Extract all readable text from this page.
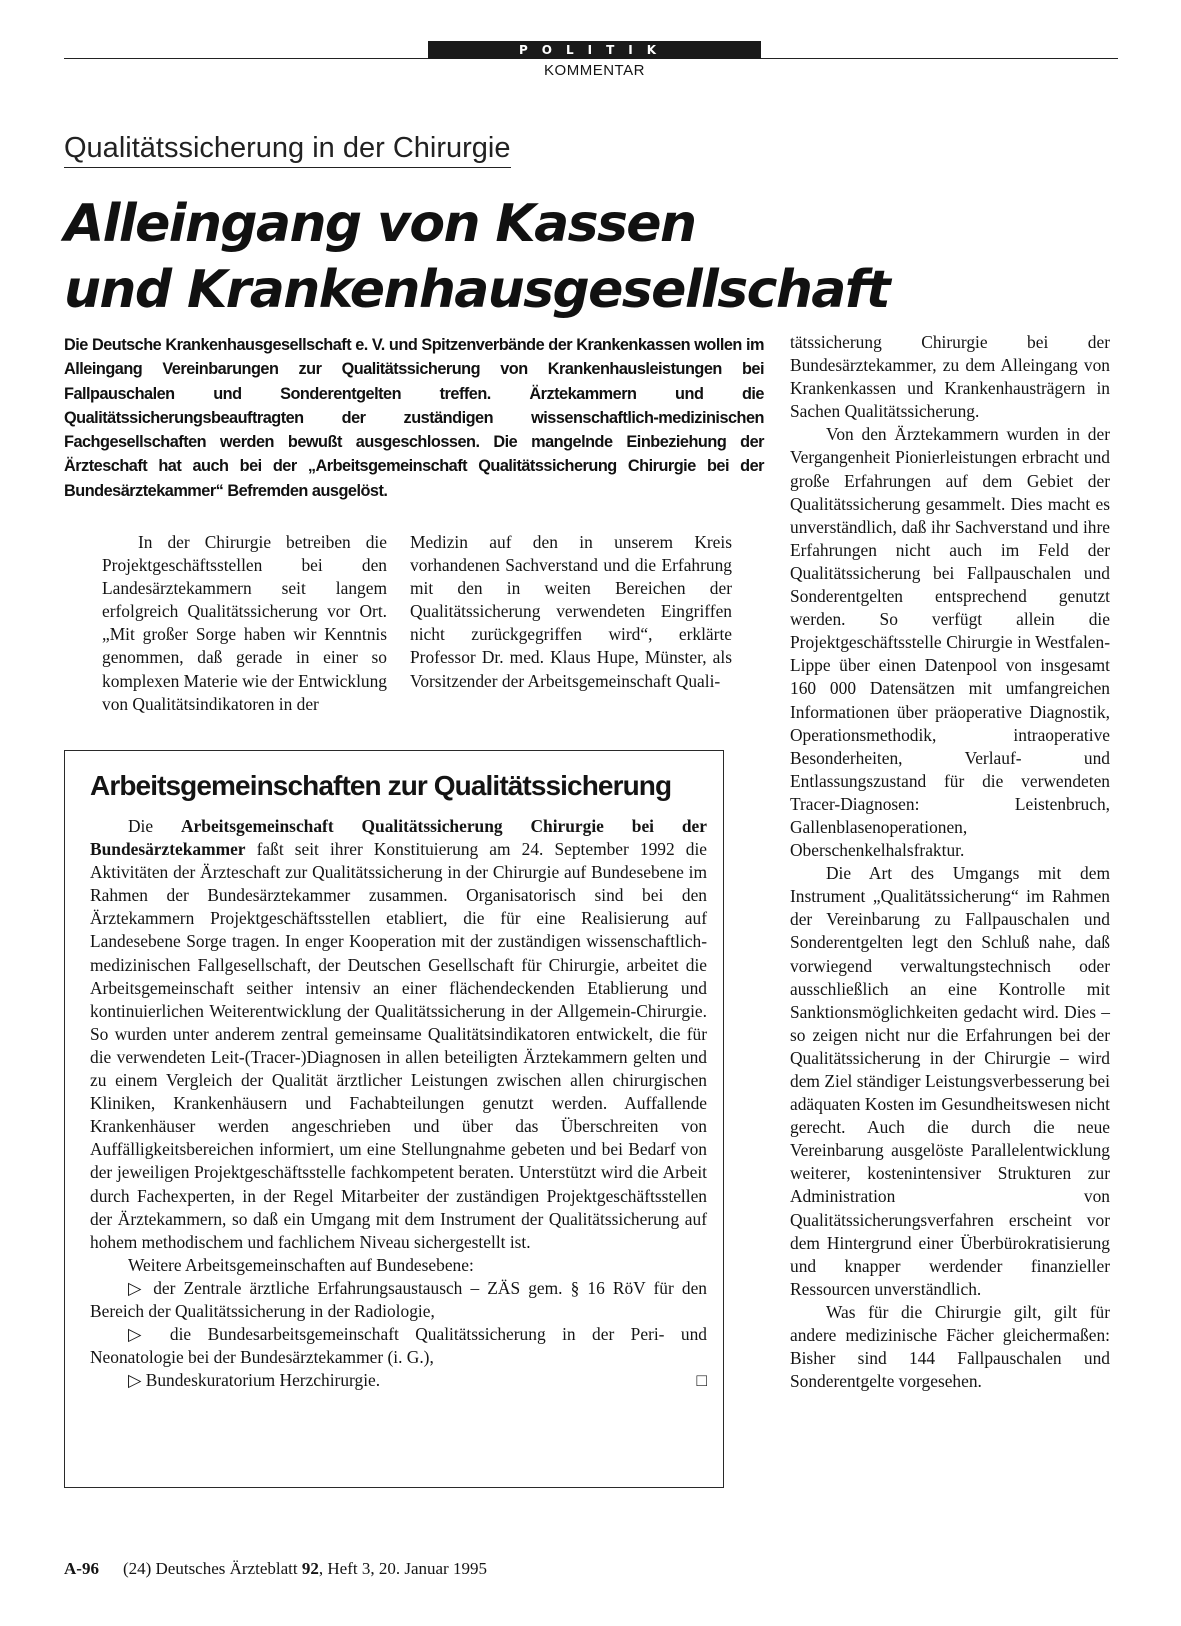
POLITIK
KOMMENTAR
Qualitätssicherung in der Chirurgie
Alleingang von Kassen
und Krankenhausgesellschaft

Die Deutsche Krankenhausgesellschaft e. V. und Spitzenverbände der Krankenkassen wollen im Alleingang Vereinbarungen zur Qualitätssicherung von Krankenhausleistungen bei Fallpauschalen und Sonderentgelten treffen. Ärztekammern und die Qualitätssicherungsbeauftragten der zuständigen wissenschaftlich-medizinischen Fachgesellschaften werden bewußt ausgeschlossen. Die mangelnde Einbeziehung der Ärzteschaft hat auch bei der „Arbeitsgemeinschaft Qualitätssicherung Chirurgie bei der Bundesärztekammer“ Befremden ausgelöst.

In der Chirurgie betreiben die Projektgeschäftsstellen bei den Landesärztekammern seit langem erfolgreich Qualitätssicherung vor Ort. „Mit großer Sorge haben wir Kenntnis genommen, daß gerade in einer so komplexen Materie wie der Entwicklung von Qualitätsindikatoren in der

Medizin auf den in unserem Kreis vorhandenen Sachverstand und die Erfahrung mit den in weiten Bereichen der Qualitätssicherung verwendeten Eingriffen nicht zurückgegriffen wird“, erklärte Professor Dr. med. Klaus Hupe, Münster, als Vorsitzender der Arbeitsgemeinschaft Quali-

tätssicherung Chirurgie bei der Bundesärztekammer, zu dem Alleingang von Krankenkassen und Krankenhausträgern in Sachen Qualitätssicherung.

Von den Ärztekammern wurden in der Vergangenheit Pionierleistungen erbracht und große Erfahrungen auf dem Gebiet der Qualitätssicherung gesammelt. Dies macht es unverständlich, daß ihr Sachverstand und ihre Erfahrungen nicht auch im Feld der Qualitätssicherung bei Fallpauschalen und Sonderentgelten entsprechend genutzt werden. So verfügt allein die Projektgeschäftsstelle Chirurgie in Westfalen-Lippe über einen Datenpool von insgesamt 160 000 Datensätzen mit umfangreichen Informationen über präoperative Diagnostik, Operationsmethodik, intraoperative Besonderheiten, Verlauf- und Entlassungszustand für die verwendeten Tracer-Diagnosen: Leistenbruch, Gallenblasenoperationen, Oberschenkelhalsfraktur.

Die Art des Umgangs mit dem Instrument „Qualitätssicherung“ im Rahmen der Vereinbarung zu Fallpauschalen und Sonderentgelten legt den Schluß nahe, daß vorwiegend verwaltungstechnisch oder ausschließlich an eine Kontrolle mit Sanktionsmöglichkeiten gedacht wird. Dies – so zeigen nicht nur die Erfahrungen bei der Qualitätssicherung in der Chirurgie – wird dem Ziel ständiger Leistungsverbesserung bei adäquaten Kosten im Gesundheitswesen nicht gerecht. Auch die durch die neue Vereinbarung ausgelöste Parallelentwicklung weiterer, kostenintensiver Strukturen zur Administration von Qualitätssicherungsverfahren erscheint vor dem Hintergrund einer Überbürokratisierung und knapper werdender finanzieller Ressourcen unverständlich.

Was für die Chirurgie gilt, gilt für andere medizinische Fächer gleichermaßen: Bisher sind 144 Fallpauschalen und Sonderentgelte vorgesehen.

Arbeitsgemeinschaften zur Qualitätssicherung

Die Arbeitsgemeinschaft Qualitätssicherung Chirurgie bei der Bundesärztekammer faßt seit ihrer Konstituierung am 24. September 1992 die Aktivitäten der Ärzteschaft zur Qualitätssicherung in der Chirurgie auf Bundesebene im Rahmen der Bundesärztekammer zusammen. Organisatorisch sind bei den Ärztekammern Projektgeschäftsstellen etabliert, die für eine Realisierung auf Landesebene Sorge tragen. In enger Kooperation mit der zuständigen wissenschaftlich-medizinischen Fallgesellschaft, der Deutschen Gesellschaft für Chirurgie, arbeitet die Arbeitsgemeinschaft seither intensiv an einer flächendeckenden Etablierung und kontinuierlichen Weiterentwicklung der Qualitätssicherung in der Allgemein-Chirurgie. So wurden unter anderem zentral gemeinsame Qualitätsindikatoren entwickelt, die für die verwendeten Leit-(Tracer-)Diagnosen in allen beteiligten Ärztekammern gelten und zu einem Vergleich der Qualität ärztlicher Leistungen zwischen allen chirurgischen Kliniken, Krankenhäusern und Fachabteilungen genutzt werden. Auffallende Krankenhäuser werden angeschrieben und über das Überschreiten von Auffälligkeitsbereichen informiert, um eine Stellungnahme gebeten und bei Bedarf von der jeweiligen Projektgeschäftsstelle fachkompetent beraten. Unterstützt wird die Arbeit durch Fachexperten, in der Regel Mitarbeiter der zuständigen Projektgeschäftsstellen der Ärztekammern, so daß ein Umgang mit dem Instrument der Qualitätssicherung auf hohem methodischem und fachlichem Niveau sichergestellt ist.

Weitere Arbeitsgemeinschaften auf Bundesebene:

▷ der Zentrale ärztliche Erfahrungsaustausch – ZÄS gem. § 16 RöV für den Bereich der Qualitätssicherung in der Radiologie,

▷ die Bundesarbeitsgemeinschaft Qualitätssicherung in der Peri- und Neonatologie bei der Bundesärztekammer (i. G.),

▷ Bundeskuratorium Herzchirurgie.	□

A-96 (24) Deutsches Ärzteblatt 92, Heft 3, 20. Januar 1995
